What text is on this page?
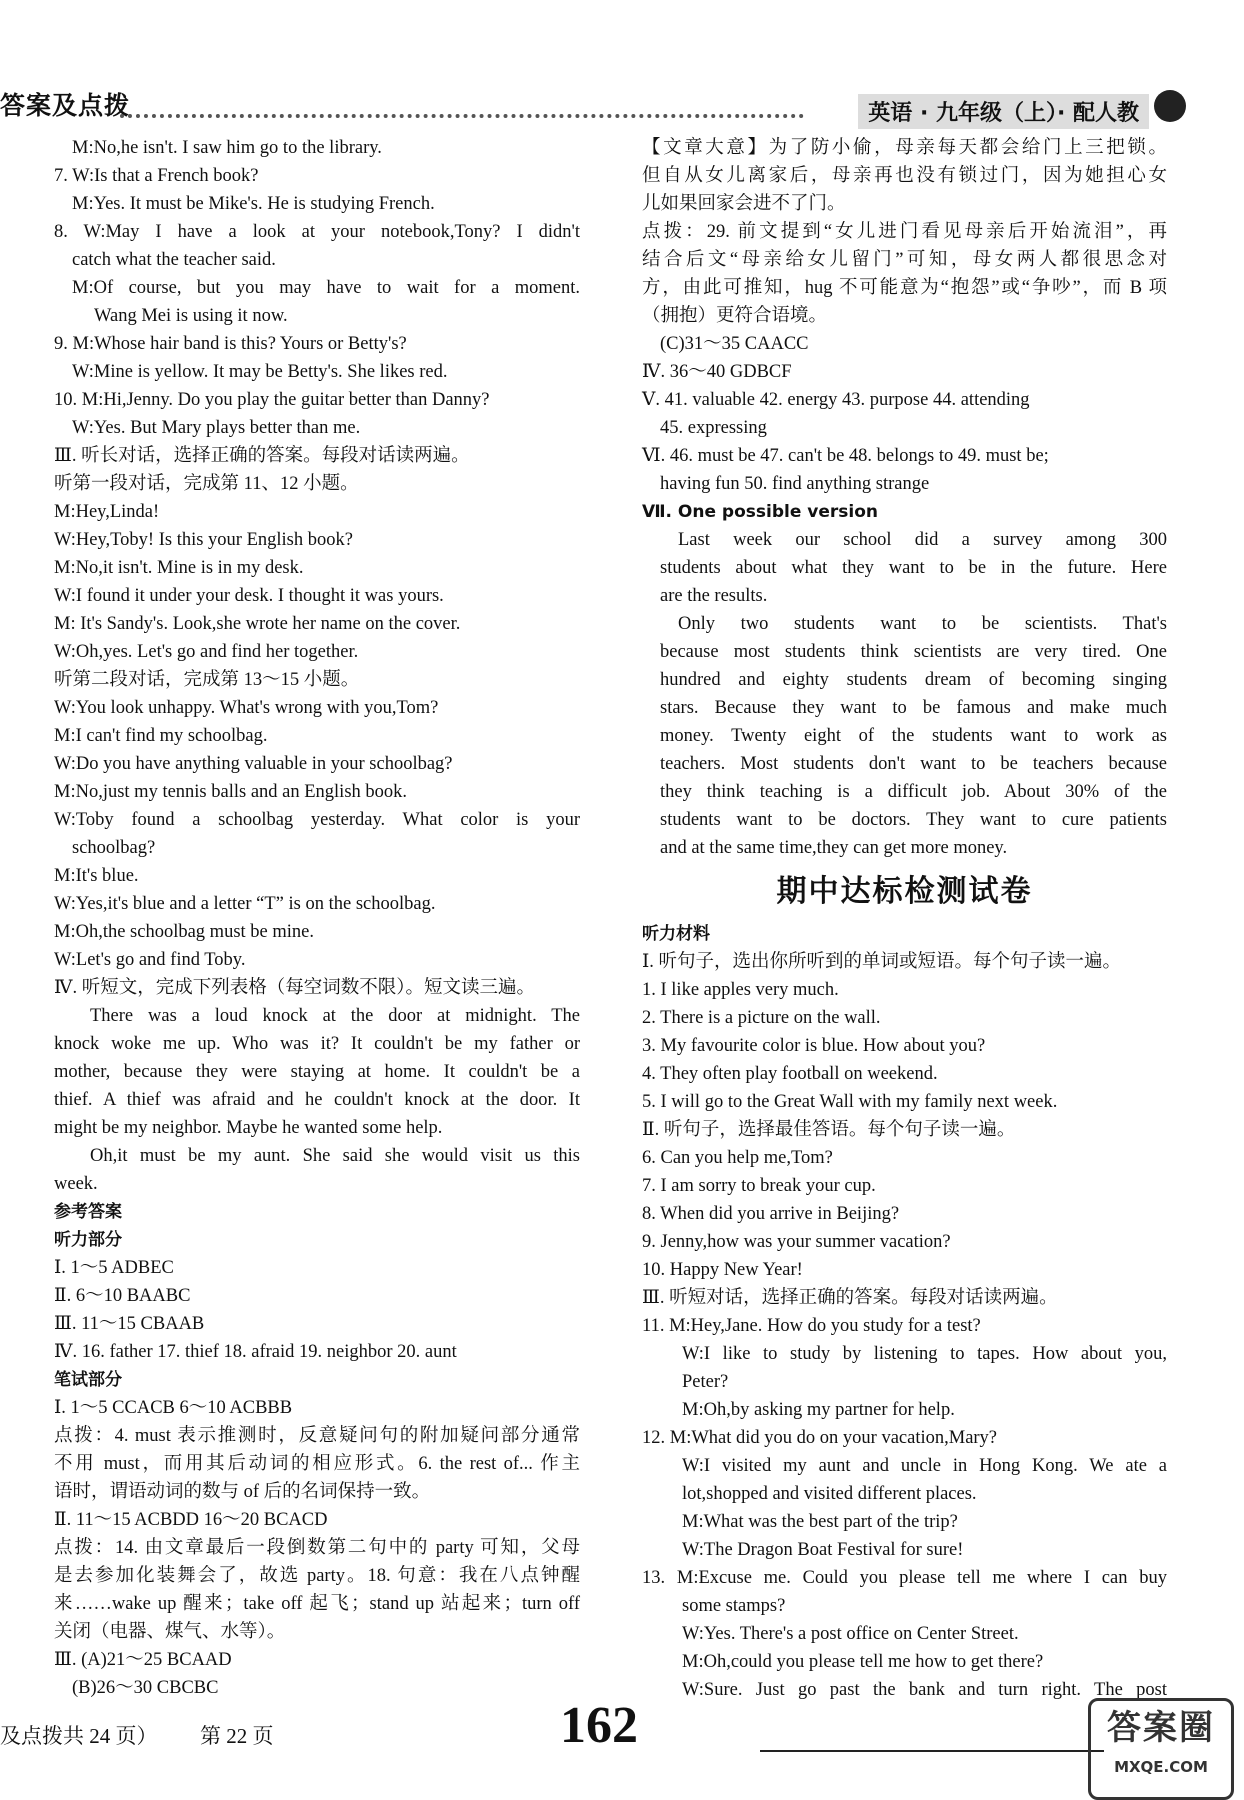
答案及点拨	英语 · 九年级（上）· 配人教
M:No,he isn't. I saw him go to the library.
7. W:Is that a French book?
M:Yes. It must be Mike's. He is studying French.
8. W:May I have a look at your notebook,Tony? I didn't
catch what the teacher said.
M:Of course, but you may have to wait for a moment.
Wang Mei is using it now.
9. M:Whose hair band is this? Yours or Betty's?
W:Mine is yellow. It may be Betty's. She likes red.
10. M:Hi,Jenny. Do you play the guitar better than Danny?
W:Yes. But Mary plays better than me.
Ⅲ. 听长对话，选择正确的答案。每段对话读两遍。
听第一段对话，完成第 11、12 小题。
M:Hey,Linda!
W:Hey,Toby! Is this your English book?
M:No,it isn't. Mine is in my desk.
W:I found it under your desk. I thought it was yours.
M: It's Sandy's. Look,she wrote her name on the cover.
W:Oh,yes. Let's go and find her together.
听第二段对话，完成第 13～15 小题。
W:You look unhappy. What's wrong with you,Tom?
M:I can't find my schoolbag.
W:Do you have anything valuable in your schoolbag?
M:No,just my tennis balls and an English book.
W:Toby found a schoolbag yesterday. What color is your
schoolbag?
M:It's blue.
W:Yes,it's blue and a letter “T” is on the schoolbag.
M:Oh,the schoolbag must be mine.
W:Let's go and find Toby.
Ⅳ. 听短文，完成下列表格（每空词数不限）。短文读三遍。
There was a loud knock at the door at midnight. The
knock woke me up. Who was it? It couldn't be my father or
mother, because they were staying at home. It couldn't be a
thief. A thief was afraid and he couldn't knock at the door. It
might be my neighbor. Maybe he wanted some help.
Oh,it must be my aunt. She said she would visit us this
week.
参考答案
听力部分
Ⅰ. 1～5 ADBEC
Ⅱ. 6～10 BAABC
Ⅲ. 11～15 CBAAB
Ⅳ. 16. father 17. thief 18. afraid 19. neighbor 20. aunt
笔试部分
Ⅰ. 1～5 CCACB 6～10 ACBBB
点拨：4. must 表示推测时，反意疑问句的附加疑问部分通常
不用 must，而用其后动词的相应形式。6. the rest of... 作主
语时，谓语动词的数与 of 后的名词保持一致。
Ⅱ. 11～15 ACBDD 16～20 BCACD
点拨：14. 由文章最后一段倒数第二句中的 party 可知，父母
是去参加化装舞会了，故选 party。18. 句意：我在八点钟醒
来……wake up 醒来；take off 起飞；stand up 站起来；turn off
关闭（电器、煤气、水等）。
Ⅲ. (A)21～25 BCAAD
(B)26～30 CBCBC
【文章大意】为了防小偷，母亲每天都会给门上三把锁。
但自从女儿离家后，母亲再也没有锁过门，因为她担心女
儿如果回家会进不了门。
点拨：29. 前文提到“女儿进门看见母亲后开始流泪”，再
结合后文“母亲给女儿留门”可知，母女两人都很思念对
方，由此可推知，hug 不可能意为“抱怨”或“争吵”，而 B 项
（拥抱）更符合语境。
(C)31～35 CAACC
Ⅳ. 36～40 GDBCF
Ⅴ. 41. valuable 42. energy 43. purpose 44. attending
45. expressing
Ⅵ. 46. must be 47. can't be 48. belongs to 49. must be;
having fun 50. find anything strange
Ⅶ. One possible version
Last week our school did a survey among 300
students about what they want to be in the future. Here
are the results.
Only two students want to be scientists. That's
because most students think scientists are very tired. One
hundred and eighty students dream of becoming singing
stars. Because they want to be famous and make much
money. Twenty eight of the students want to work as
teachers. Most students don't want to be teachers because
they think teaching is a difficult job. About 30% of the
students want to be doctors. They want to cure patients
and at the same time,they can get more money.
期中达标检测试卷
听力材料
Ⅰ. 听句子，选出你所听到的单词或短语。每个句子读一遍。
1. I like apples very much.
2. There is a picture on the wall.
3. My favourite color is blue. How about you?
4. They often play football on weekend.
5. I will go to the Great Wall with my family next week.
Ⅱ. 听句子，选择最佳答语。每个句子读一遍。
6. Can you help me,Tom?
7. I am sorry to break your cup.
8. When did you arrive in Beijing?
9. Jenny,how was your summer vacation?
10. Happy New Year!
Ⅲ. 听短对话，选择正确的答案。每段对话读两遍。
11. M:Hey,Jane. How do you study for a test?
W:I like to study by listening to tapes. How about you,
Peter?
M:Oh,by asking my partner for help.
12. M:What did you do on your vacation,Mary?
W:I visited my aunt and uncle in Hong Kong. We ate a
lot,shopped and visited different places.
M:What was the best part of the trip?
W:The Dragon Boat Festival for sure!
13. M:Excuse me. Could you please tell me where I can buy
some stamps?
W:Yes. There's a post office on Center Street.
M:Oh,could you please tell me how to get there?
W:Sure. Just go past the bank and turn right. The post
及点拨共 24 页） 第 22 页	162	答案圈
MXQE.COM
